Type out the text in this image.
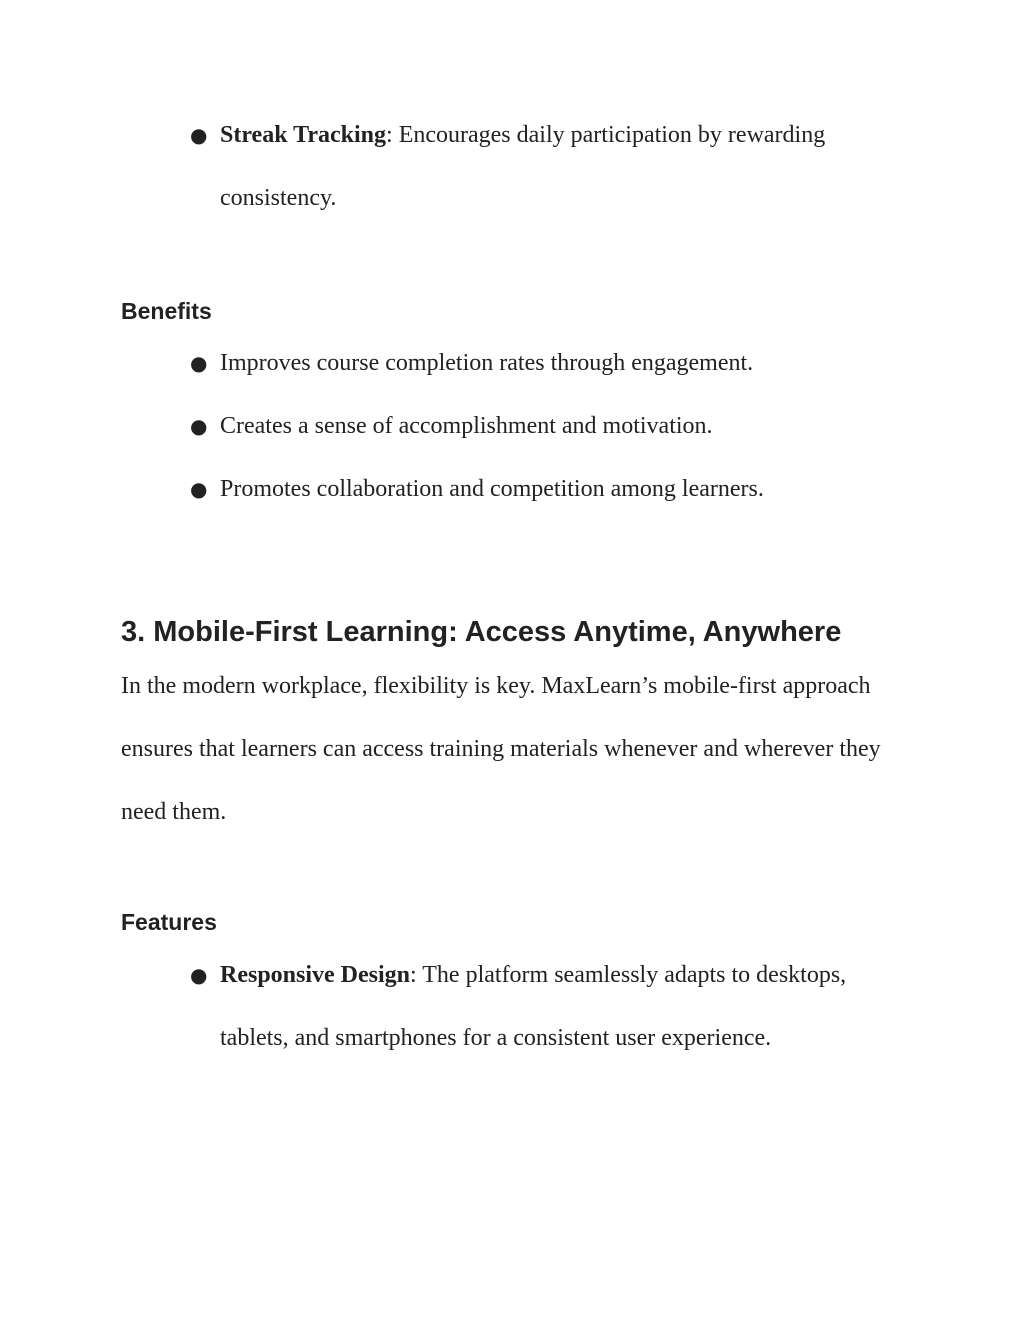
● Streak Tracking: Encourages daily participation by rewarding consistency.
Benefits
● Improves course completion rates through engagement.
● Creates a sense of accomplishment and motivation.
● Promotes collaboration and competition among learners.
3. Mobile-First Learning: Access Anytime, Anywhere

In the modern workplace, flexibility is key. MaxLearn’s mobile-first approach ensures that learners can access training materials whenever and wherever they need them.

Features
● Responsive Design: The platform seamlessly adapts to desktops, tablets, and smartphones for a consistent user experience.
